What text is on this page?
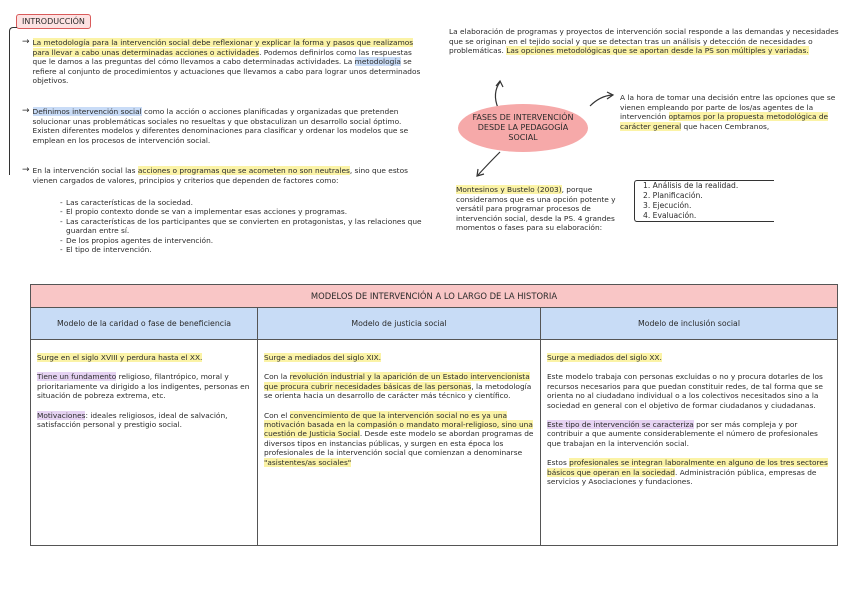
INTRODUCCIÓN
→ La metodología para la intervención social debe reflexionar y explicar la forma y pasos que realizamos para llevar a cabo unas determinadas acciones o actividades. Podemos definirlos como las respuestas que le damos a las preguntas del cómo llevamos a cabo determinadas actividades. La metodología se refiere al conjunto de procedimientos y actuaciones que llevamos a cabo para lograr unos determinados objetivos.
→ Definimos intervención social como la acción o acciones planificadas y organizadas que pretenden solucionar unas problemáticas sociales no resueltas y que obstaculizan un desarrollo social óptimo. Existen diferentes modelos y diferentes denominaciones para clasificar y ordenar los modelos que se emplean en los procesos de intervención social.
→ En la intervención social las acciones o programas que se acometen no son neutrales, sino que estos vienen cargados de valores, principios y criterios que dependen de factores como:
- Las características de la sociedad.
- El propio contexto donde se van a implementar esas acciones y programas.
- Las características de los participantes que se convierten en protagonistas, y las relaciones que guardan entre sí.
- De los propios agentes de intervención.
- El tipo de intervención.
La elaboración de programas y proyectos de intervención social responde a las demandas y necesidades que se originan en el tejido social y que se detectan tras un análisis y detección de necesidades o problemáticas. Las opciones metodológicas que se aportan desde la PS son múltiples y variadas.
FASES DE INTERVENCIÓN DESDE LA PEDAGOGÍA SOCIAL
A la hora de tomar una decisión entre las opciones que se vienen empleando por parte de los/as agentes de la intervención optamos por la propuesta metodológica de carácter general que hacen Cembranos,
Montesinos y Bustelo (2003), porque consideramos que es una opción potente y versátil para programar procesos de intervención social, desde la PS. 4 grandes momentos o fases para su elaboración:
1. Análisis de la realidad.
2. Planificación.
3. Ejecución.
4. Evaluación.
MODELOS DE INTERVENCIÓN A LO LARGO DE LA HISTORIA
Modelo de la caridad o fase de beneficiencia	Modelo de justicia social	Modelo de inclusión social

Surge en el siglo XVIII y perdura hasta el XX.

Tiene un fundamento religioso, filantrópico, moral y prioritariamente va dirigido a los indigentes, personas en situación de pobreza extrema, etc.

Motivaciones: ideales religiosos, ideal de salvación, satisfacción personal y prestigio social.

Surge a mediados del siglo XIX.

Con la revolución industrial y la aparición de un Estado intervencionista que procura cubrir necesidades básicas de las personas, la metodología se orienta hacia un desarrollo de carácter más técnico y científico.

Con el convencimiento de que la intervención social no es ya una motivación basada en la compasión o mandato moral-religioso, sino una cuestión de Justicia Social. Desde este modelo se abordan programas de diversos tipos en instancias públicas, y surgen en esta época los profesionales de la intervención social que comienzan a denominarse "asistentes/as sociales"

Surge a mediados del siglo XX.

Este modelo trabaja con personas excluidas o no y procura dotarles de los recursos necesarios para que puedan constituir redes, de tal forma que se orienta no al ciudadano individual o a los colectivos necesitados sino a la sociedad en general con el objetivo de formar ciudadanos y ciudadanas.

Este tipo de intervención se caracteriza por ser más compleja y por contribuir a que aumente considerablemente el número de profesionales que trabajan en la intervención social.

Estos profesionales se integran laboralmente en alguno de los tres sectores básicos que operan en la sociedad. Administración pública, empresas de servicios y Asociaciones y fundaciones.
